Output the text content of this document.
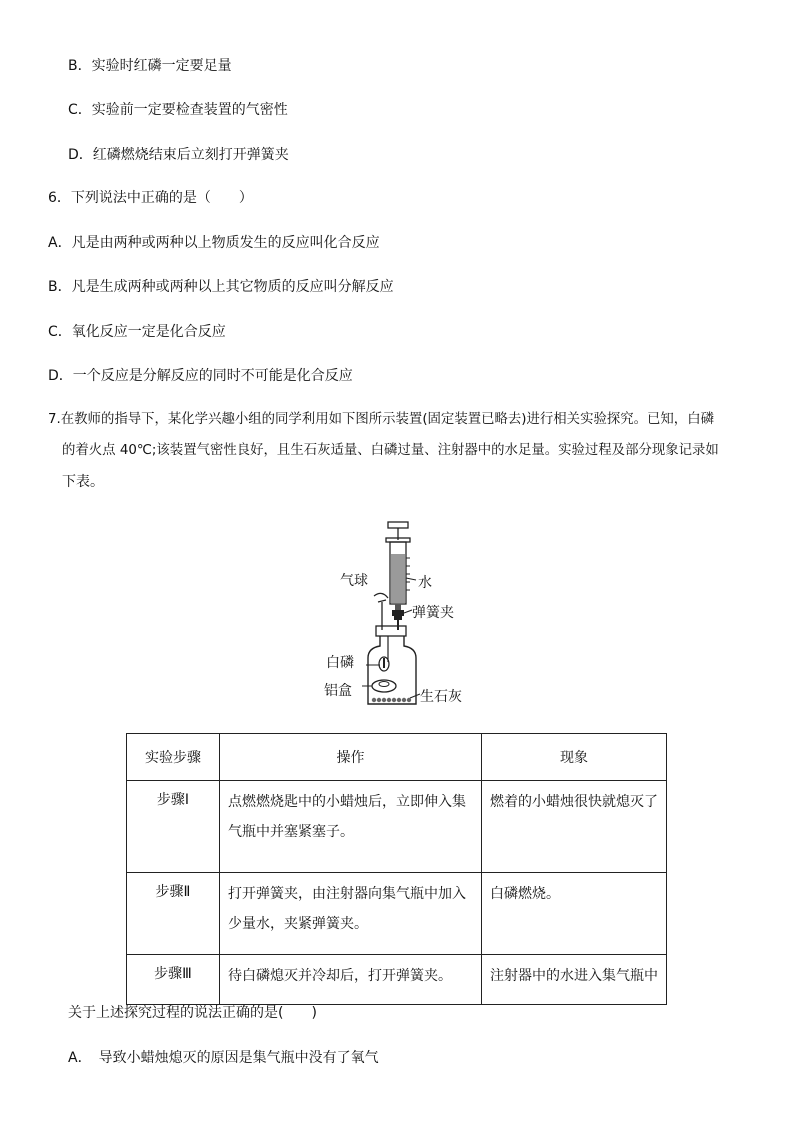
B．实验时红磷一定要足量
C．实验前一定要检查装置的气密性
D．红磷燃烧结束后立刻打开弹簧夹
6．下列说法中正确的是（　　）
A．凡是由两种或两种以上物质发生的反应叫化合反应
B．凡是生成两种或两种以上其它物质的反应叫分解反应
C．氧化反应一定是化合反应
D．一个反应是分解反应的同时不可能是化合反应
7.在教师的指导下，某化学兴趣小组的同学利用如下图所示装置(固定装置已略去)进行相关实验探究。已知，白磷
的着火点 40℃;该装置气密性良好，且生石灰适量、白磷过量、注射器中的水足量。实验过程及部分现象记录如
下表。
气球	水
弹簧夹
白磷
铝盒	生石灰
实验步骤	操作	现象
步骤Ⅰ	点燃燃烧匙中的小蜡烛后，立即伸入集
气瓶中并塞紧塞子。	燃着的小蜡烛很快就熄灭了
步骤Ⅱ	打开弹簧夹，由注射器向集气瓶中加入
少量水，夹紧弹簧夹。	白磷燃烧。
步骤Ⅲ	待白磷熄灭并冷却后，打开弹簧夹。	注射器中的水进入集气瓶中
关于上述探究过程的说法正确的是(　　)
A．　导致小蜡烛熄灭的原因是集气瓶中没有了氧气
